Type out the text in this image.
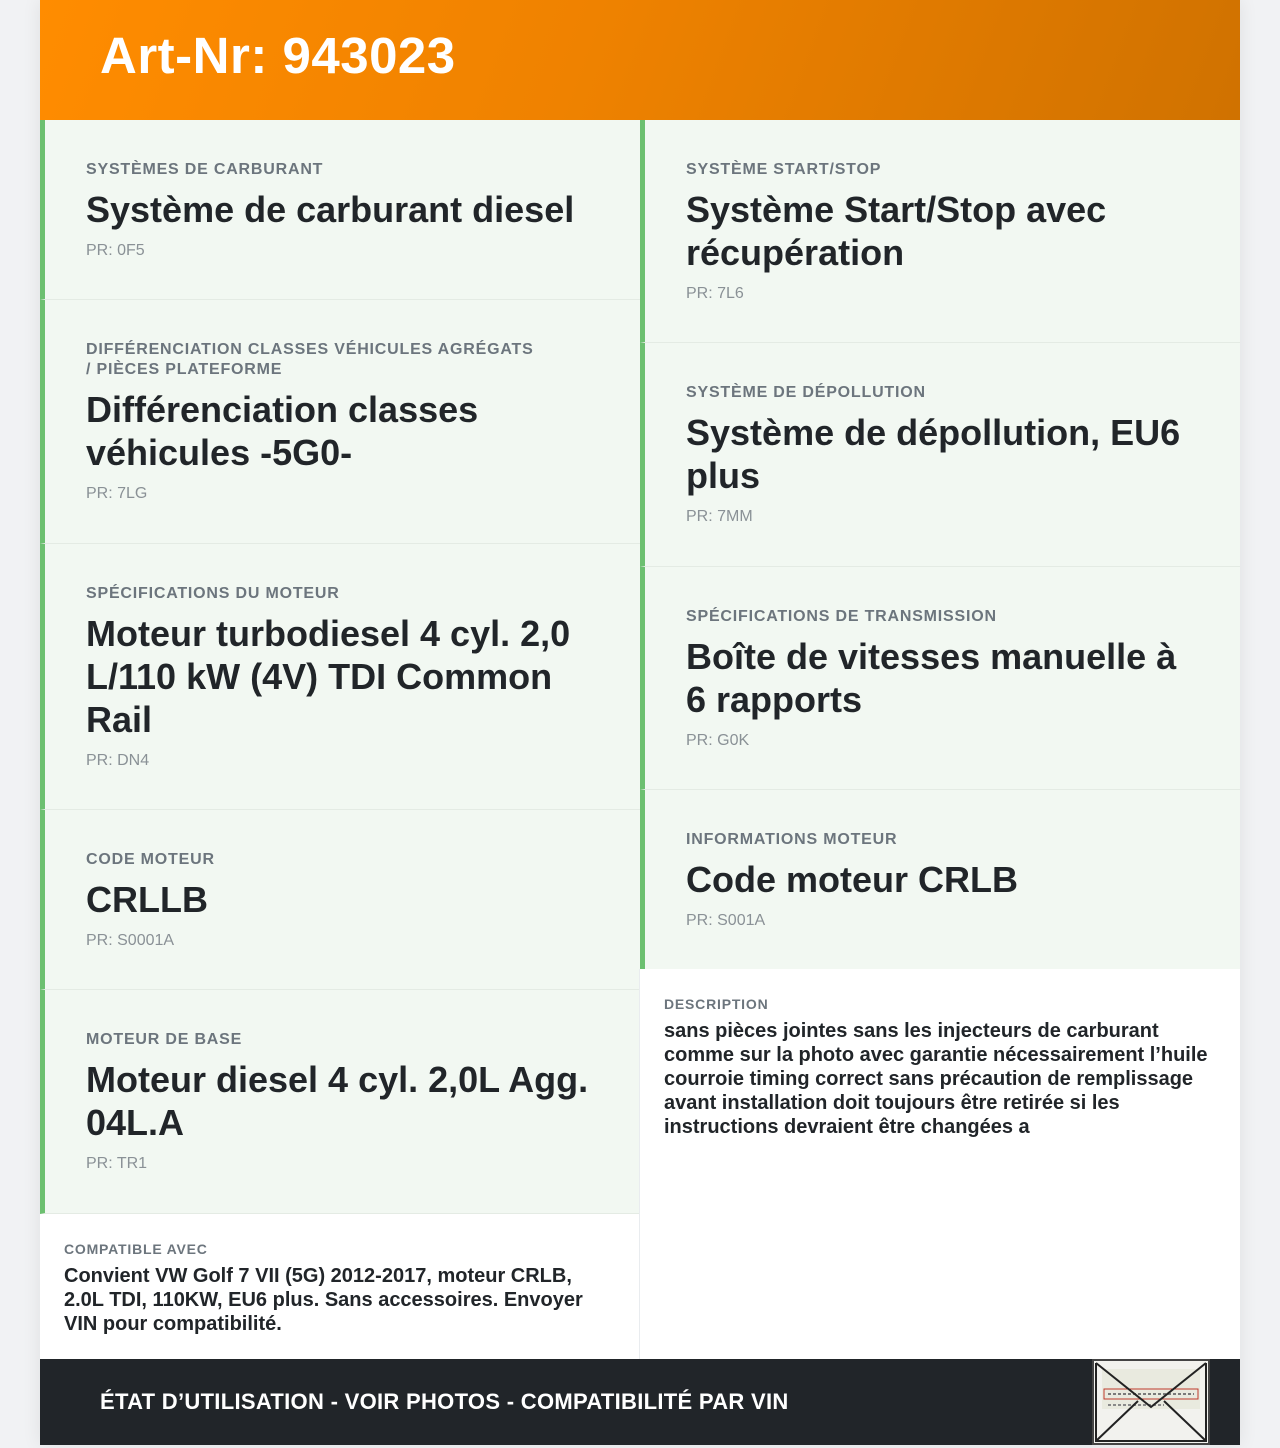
Art-Nr: 943023
SYSTÈMES DE CARBURANT
Système de carburant diesel
PR: 0F5
DIFFÉRENCIATION CLASSES VÉHICULES AGRÉGATS / PIÈCES PLATEFORME
Différenciation classes véhicules -5G0-
PR: 7LG
SPÉCIFICATIONS DU MOTEUR
Moteur turbodiesel 4 cyl. 2,0 L/110 kW (4V) TDI Common Rail
PR: DN4
CODE MOTEUR
CRLLB
PR: S0001A
MOTEUR DE BASE
Moteur diesel 4 cyl. 2,0L Agg. 04L.A
PR: TR1
COMPATIBLE AVEC
Convient VW Golf 7 VII (5G) 2012-2017, moteur CRLB, 2.0L TDI, 110KW, EU6 plus. Sans accessoires. Envoyer VIN pour compatibilité.
SYSTÈME START/STOP
Système Start/Stop avec récupération
PR: 7L6
SYSTÈME DE DÉPOLLUTION
Système de dépollution, EU6 plus
PR: 7MM
SPÉCIFICATIONS DE TRANSMISSION
Boîte de vitesses manuelle à 6 rapports
PR: G0K
INFORMATIONS MOTEUR
Code moteur CRLB
PR: S001A
DESCRIPTION
sans pièces jointes sans les injecteurs de carburant comme sur la photo avec garantie nécessairement l’huile courroie timing correct sans précaution de remplissage avant installation doit toujours être retirée si les instructions devraient être changées a
ÉTAT D’UTILISATION - VOIR PHOTOS - COMPATIBILITÉ PAR VIN
